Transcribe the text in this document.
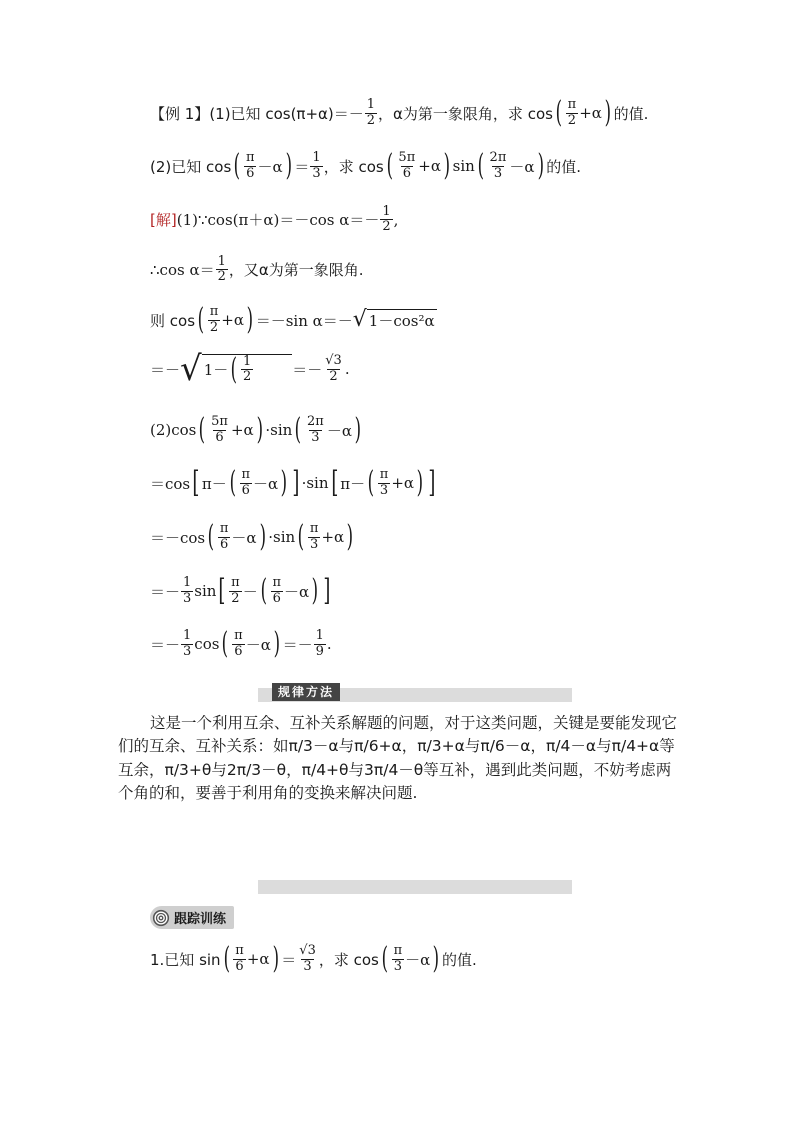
【例 1】 (1)已知 $\cos(\pi+\alpha)=- \frac{1}{2}$ ，α为第一象限角，求 cos ( $\frac{\pi}{2} +\alpha$ ) 的值.
(2)已知 cos ( $\frac{\pi}{6} -\alpha$ ) ＝ $\frac{1}{3}$ ，求 cos ( $\frac{5\pi}{6} +\alpha$ ) sin ( $\frac{2\pi}{3} -\alpha$ ) 的值.
[解] (1)∵cos(π＋α)＝－cos $\alpha=- \frac{1}{2}$ ,
∴cos $\alpha= \frac{1}{2}$ ，又α为第一象限角.
则 cos ( $\frac{\pi}{2} +\alpha$ ) ＝－sin α＝－ √ 1－cos²α
＝－ √ 1－ ( $\frac{1}{2}$	＝－ $\frac{√3}{2}$ .
(2)cos ( $\frac{5\pi}{6} +\alpha$ ) ·sin ( $\frac{2\pi}{3} -\alpha$ )
＝cos [ π－ ( $\frac{\pi}{6} -\alpha$ ) ] ·sin [ π－ ( $\frac{\pi}{3} +\alpha$ ) ]
＝－cos ( $\frac{\pi}{6} -\alpha$ ) ·sin ( $\frac{\pi}{3} +\alpha$ )
＝－ $\frac{1}{3}$ sin [ $\frac{\pi}{2}$ － ( $\frac{\pi}{6} -\alpha$ ) ]
＝－ $\frac{1}{3}$ cos ( $\frac{\pi}{6} -\alpha$ ) ＝－ $\frac{1}{9}$ .
规律方法
这是一个利用互余、互补关系解题的问题，对于这类问题，关键是要能发现它们的互余、互补关系：如π/3－α与π/6+α，π/3+α与π/6－α，π/4－α与π/4+α等互余，π/3+θ与2π/3－θ，π/4+θ与3π/4－θ等互补，遇到此类问题，不妨考虑两个角的和，要善于利用角的变换来解决问题.
跟踪训练
1.已知 sin ( $\frac{\pi}{6} +\alpha$ ) ＝ $\frac{√3}{3}$ ，求 cos ( $\frac{\pi}{3} -\alpha$ ) 的值.
